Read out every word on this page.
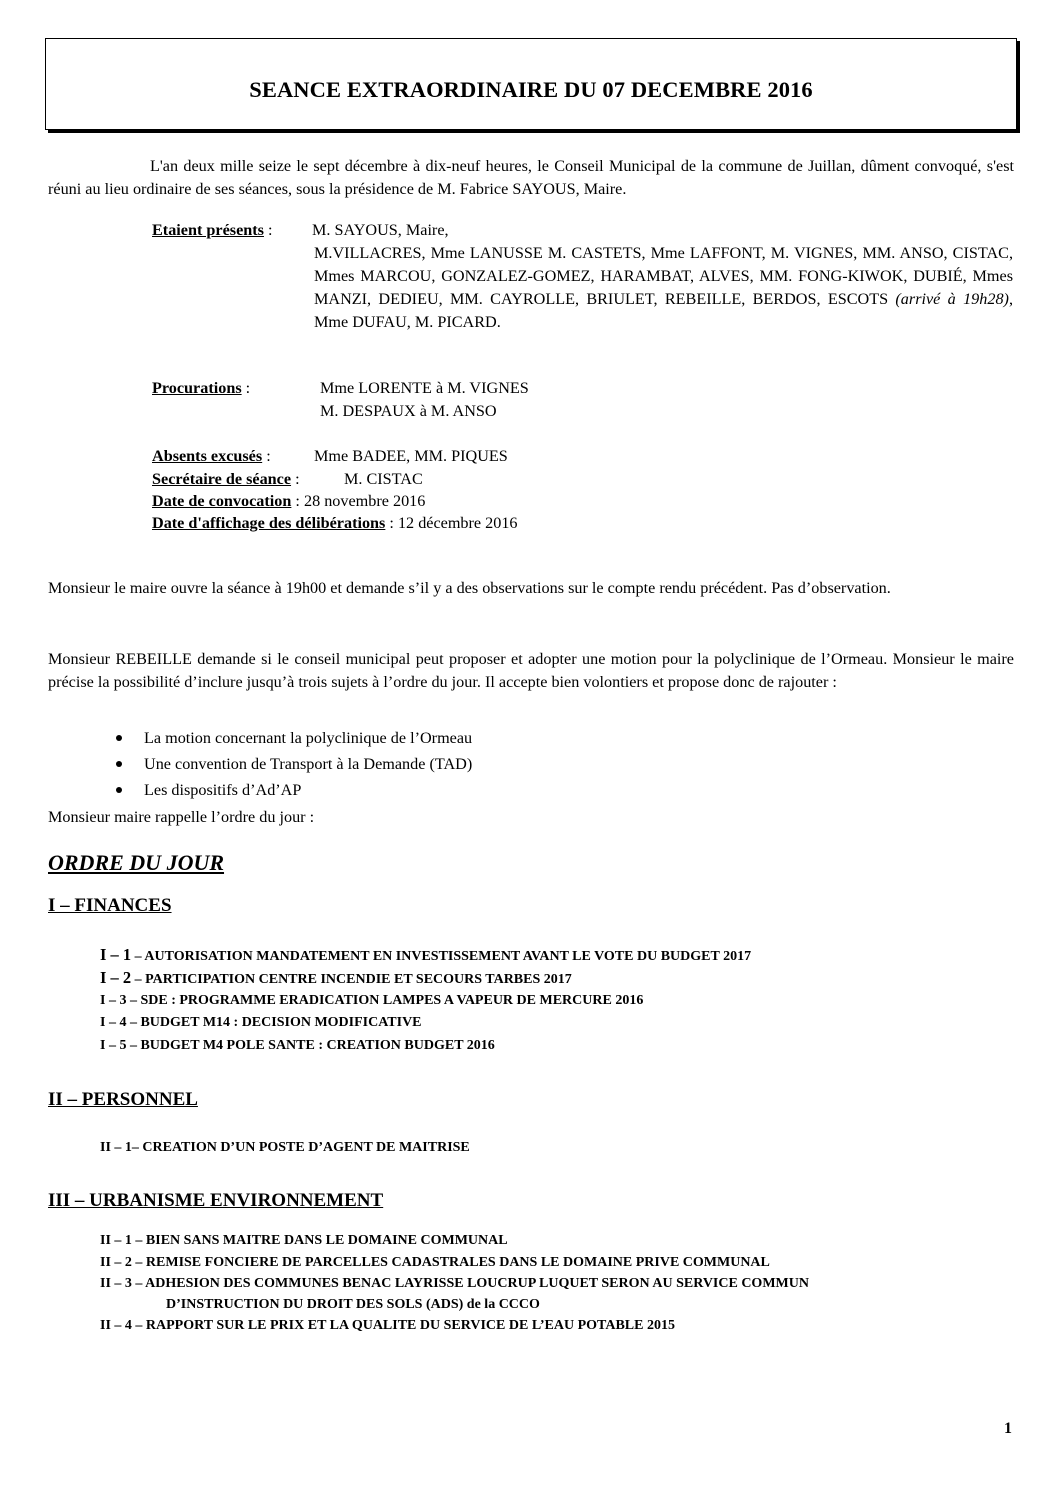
SEANCE EXTRAORDINAIRE DU 07 DECEMBRE 2016

L'an deux mille seize le sept décembre à dix-neuf heures, le Conseil Municipal de la commune de Juillan, dûment convoqué, s'est réuni au lieu ordinaire de ses séances, sous la présidence de M. Fabrice SAYOUS, Maire.

Etaient présents : M. SAYOUS, Maire,

M.VILLACRES, Mme LANUSSE M. CASTETS, Mme LAFFONT, M. VIGNES, MM. ANSO, CISTAC, Mmes MARCOU, GONZALEZ-GOMEZ, HARAMBAT, ALVES, MM. FONG-KIWOK, DUBIÉ, Mmes MANZI, DEDIEU, MM. CAYROLLE, BRIULET, REBEILLE, BERDOS, ESCOTS (arrivé à 19h28), Mme DUFAU, M. PICARD.

Procurations :	Mme LORENTE à M. VIGNES
M. DESPAUX à M. ANSO
Absents excusés :	Mme BADEE, MM. PIQUES
Secrétaire de séance :	M. CISTAC
Date de convocation : 28 novembre 2016
Date d'affichage des délibérations : 12 décembre 2016

Monsieur le maire ouvre la séance à 19h00 et demande s’il y a des observations sur le compte rendu précédent. Pas d’observation.

Monsieur REBEILLE demande si le conseil municipal peut proposer et adopter une motion pour la polyclinique de l’Ormeau. Monsieur le maire précise la possibilité d’inclure jusqu’à trois sujets à l’ordre du jour. Il accepte bien volontiers et propose donc de rajouter :

La motion concernant la polyclinique de l’Ormeau
Une convention de Transport à la Demande (TAD)
Les dispositifs d’Ad’AP

Monsieur maire rappelle l’ordre du jour :

ORDRE DU JOUR
I – FINANCES
I – 1 – AUTORISATION MANDATEMENT EN INVESTISSEMENT AVANT LE VOTE DU BUDGET 2017
I – 2 – PARTICIPATION CENTRE INCENDIE ET SECOURS TARBES 2017
I – 3 – SDE : PROGRAMME ERADICATION LAMPES A VAPEUR DE MERCURE 2016
I – 4 – BUDGET M14 : DECISION MODIFICATIVE
I – 5 – BUDGET M4 POLE SANTE : CREATION BUDGET 2016
II – PERSONNEL
II – 1– CREATION D’UN POSTE D’AGENT DE MAITRISE
III – URBANISME ENVIRONNEMENT
II – 1 – BIEN SANS MAITRE DANS LE DOMAINE COMMUNAL
II – 2 – REMISE FONCIERE DE PARCELLES CADASTRALES DANS LE DOMAINE PRIVE COMMUNAL
II – 3 – ADHESION DES COMMUNES BENAC LAYRISSE LOUCRUP LUQUET SERON AU SERVICE COMMUN
D’INSTRUCTION DU DROIT DES SOLS (ADS) de la CCCO
II – 4 – RAPPORT SUR LE PRIX ET LA QUALITE DU SERVICE DE L’EAU POTABLE 2015
1
